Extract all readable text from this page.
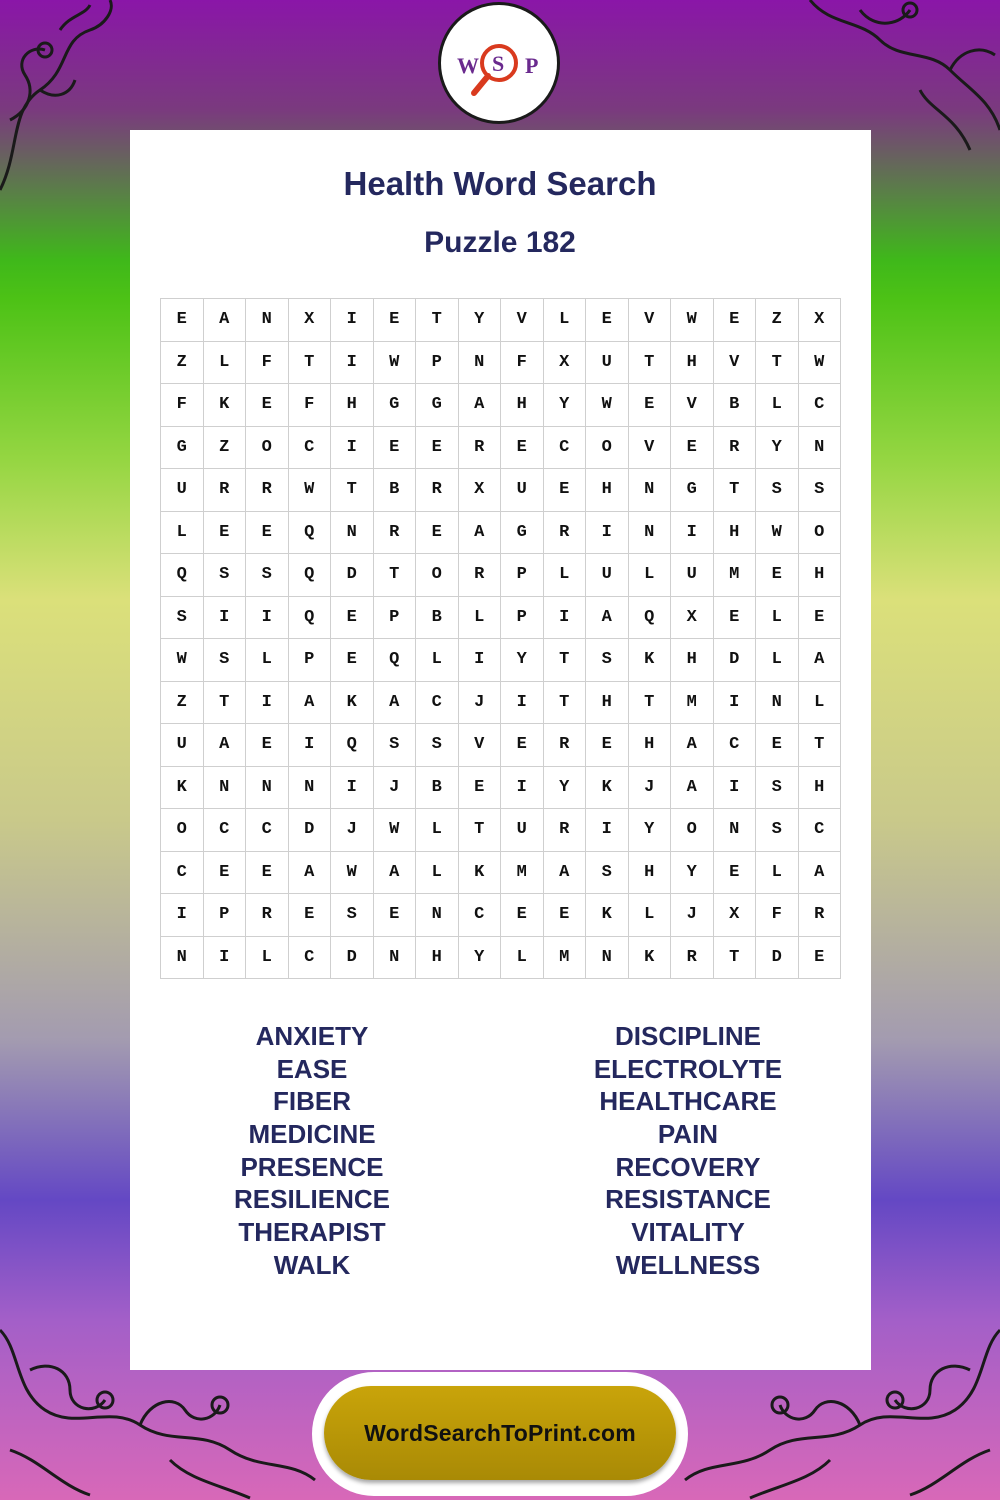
W S P
Health Word Search
Puzzle 182
E	A	N	X	I	E	T	Y	V	L	E	V	W	E	Z	X
Z	L	F	T	I	W	P	N	F	X	U	T	H	V	T	W
F	K	E	F	H	G	G	A	H	Y	W	E	V	B	L	C
G	Z	O	C	I	E	E	R	E	C	O	V	E	R	Y	N
U	R	R	W	T	B	R	X	U	E	H	N	G	T	S	S
L	E	E	Q	N	R	E	A	G	R	I	N	I	H	W	O
Q	S	S	Q	D	T	O	R	P	L	U	L	U	M	E	H
S	I	I	Q	E	P	B	L	P	I	A	Q	X	E	L	E
W	S	L	P	E	Q	L	I	Y	T	S	K	H	D	L	A
Z	T	I	A	K	A	C	J	I	T	H	T	M	I	N	L
U	A	E	I	Q	S	S	V	E	R	E	H	A	C	E	T
K	N	N	N	I	J	B	E	I	Y	K	J	A	I	S	H
O	C	C	D	J	W	L	T	U	R	I	Y	O	N	S	C
C	E	E	A	W	A	L	K	M	A	S	H	Y	E	L	A
I	P	R	E	S	E	N	C	E	E	K	L	J	X	F	R
N	I	L	C	D	N	H	Y	L	M	N	K	R	T	D	E
ANXIETY
EASE
FIBER
MEDICINE
PRESENCE
RESILIENCE
THERAPIST
WALK
DISCIPLINE
ELECTROLYTE
HEALTHCARE
PAIN
RECOVERY
RESISTANCE
VITALITY
WELLNESS
WordSearchToPrint.com
